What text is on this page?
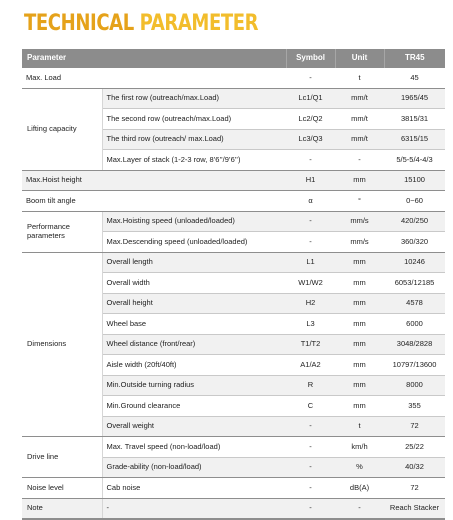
TECHNICAL PARAMETER
Parameter		Symbol	Unit	TR45
Max. Load		-	t	45
Lifting capacity	The first row (outreach/max.Load)	Lc1/Q1	mm/t	1965/45
	The second row (outreach/max.Load)	Lc2/Q2	mm/t	3815/31
	The third row (outreach/ max.Load)	Lc3/Q3	mm/t	6315/15
	Max.Layer of stack (1-2-3 row, 8’6’’/9’6’’)	-	-	5/5-5/4-4/3
Max.Hoist height		H1	mm	15100
Boom tilt angle		α	°	0~60
Performance parameters	Max.Hoisting speed (unloaded/loaded)	-	mm/s	420/250
	Max.Descending speed (unloaded/loaded)	-	mm/s	360/320
Dimensions	Overall length	L1	mm	10246
	Overall width	W1/W2	mm	6053/12185
	Overall height	H2	mm	4578
	Wheel base	L3	mm	6000
	Wheel distance (front/rear)	T1/T2	mm	3048/2828
	Aisle width (20ft/40ft)	A1/A2	mm	10797/13600
	Min.Outside turning radius	R	mm	8000
	Min.Ground clearance	C	mm	355
	Overall weight	-	t	72
Drive line	Max. Travel speed (non-load/load)	-	km/h	25/22
	Grade-ability (non-load/load)	-	%	40/32
Noise level	Cab noise	-	dB(A)	72
Note	-	-	-	Reach Stacker
